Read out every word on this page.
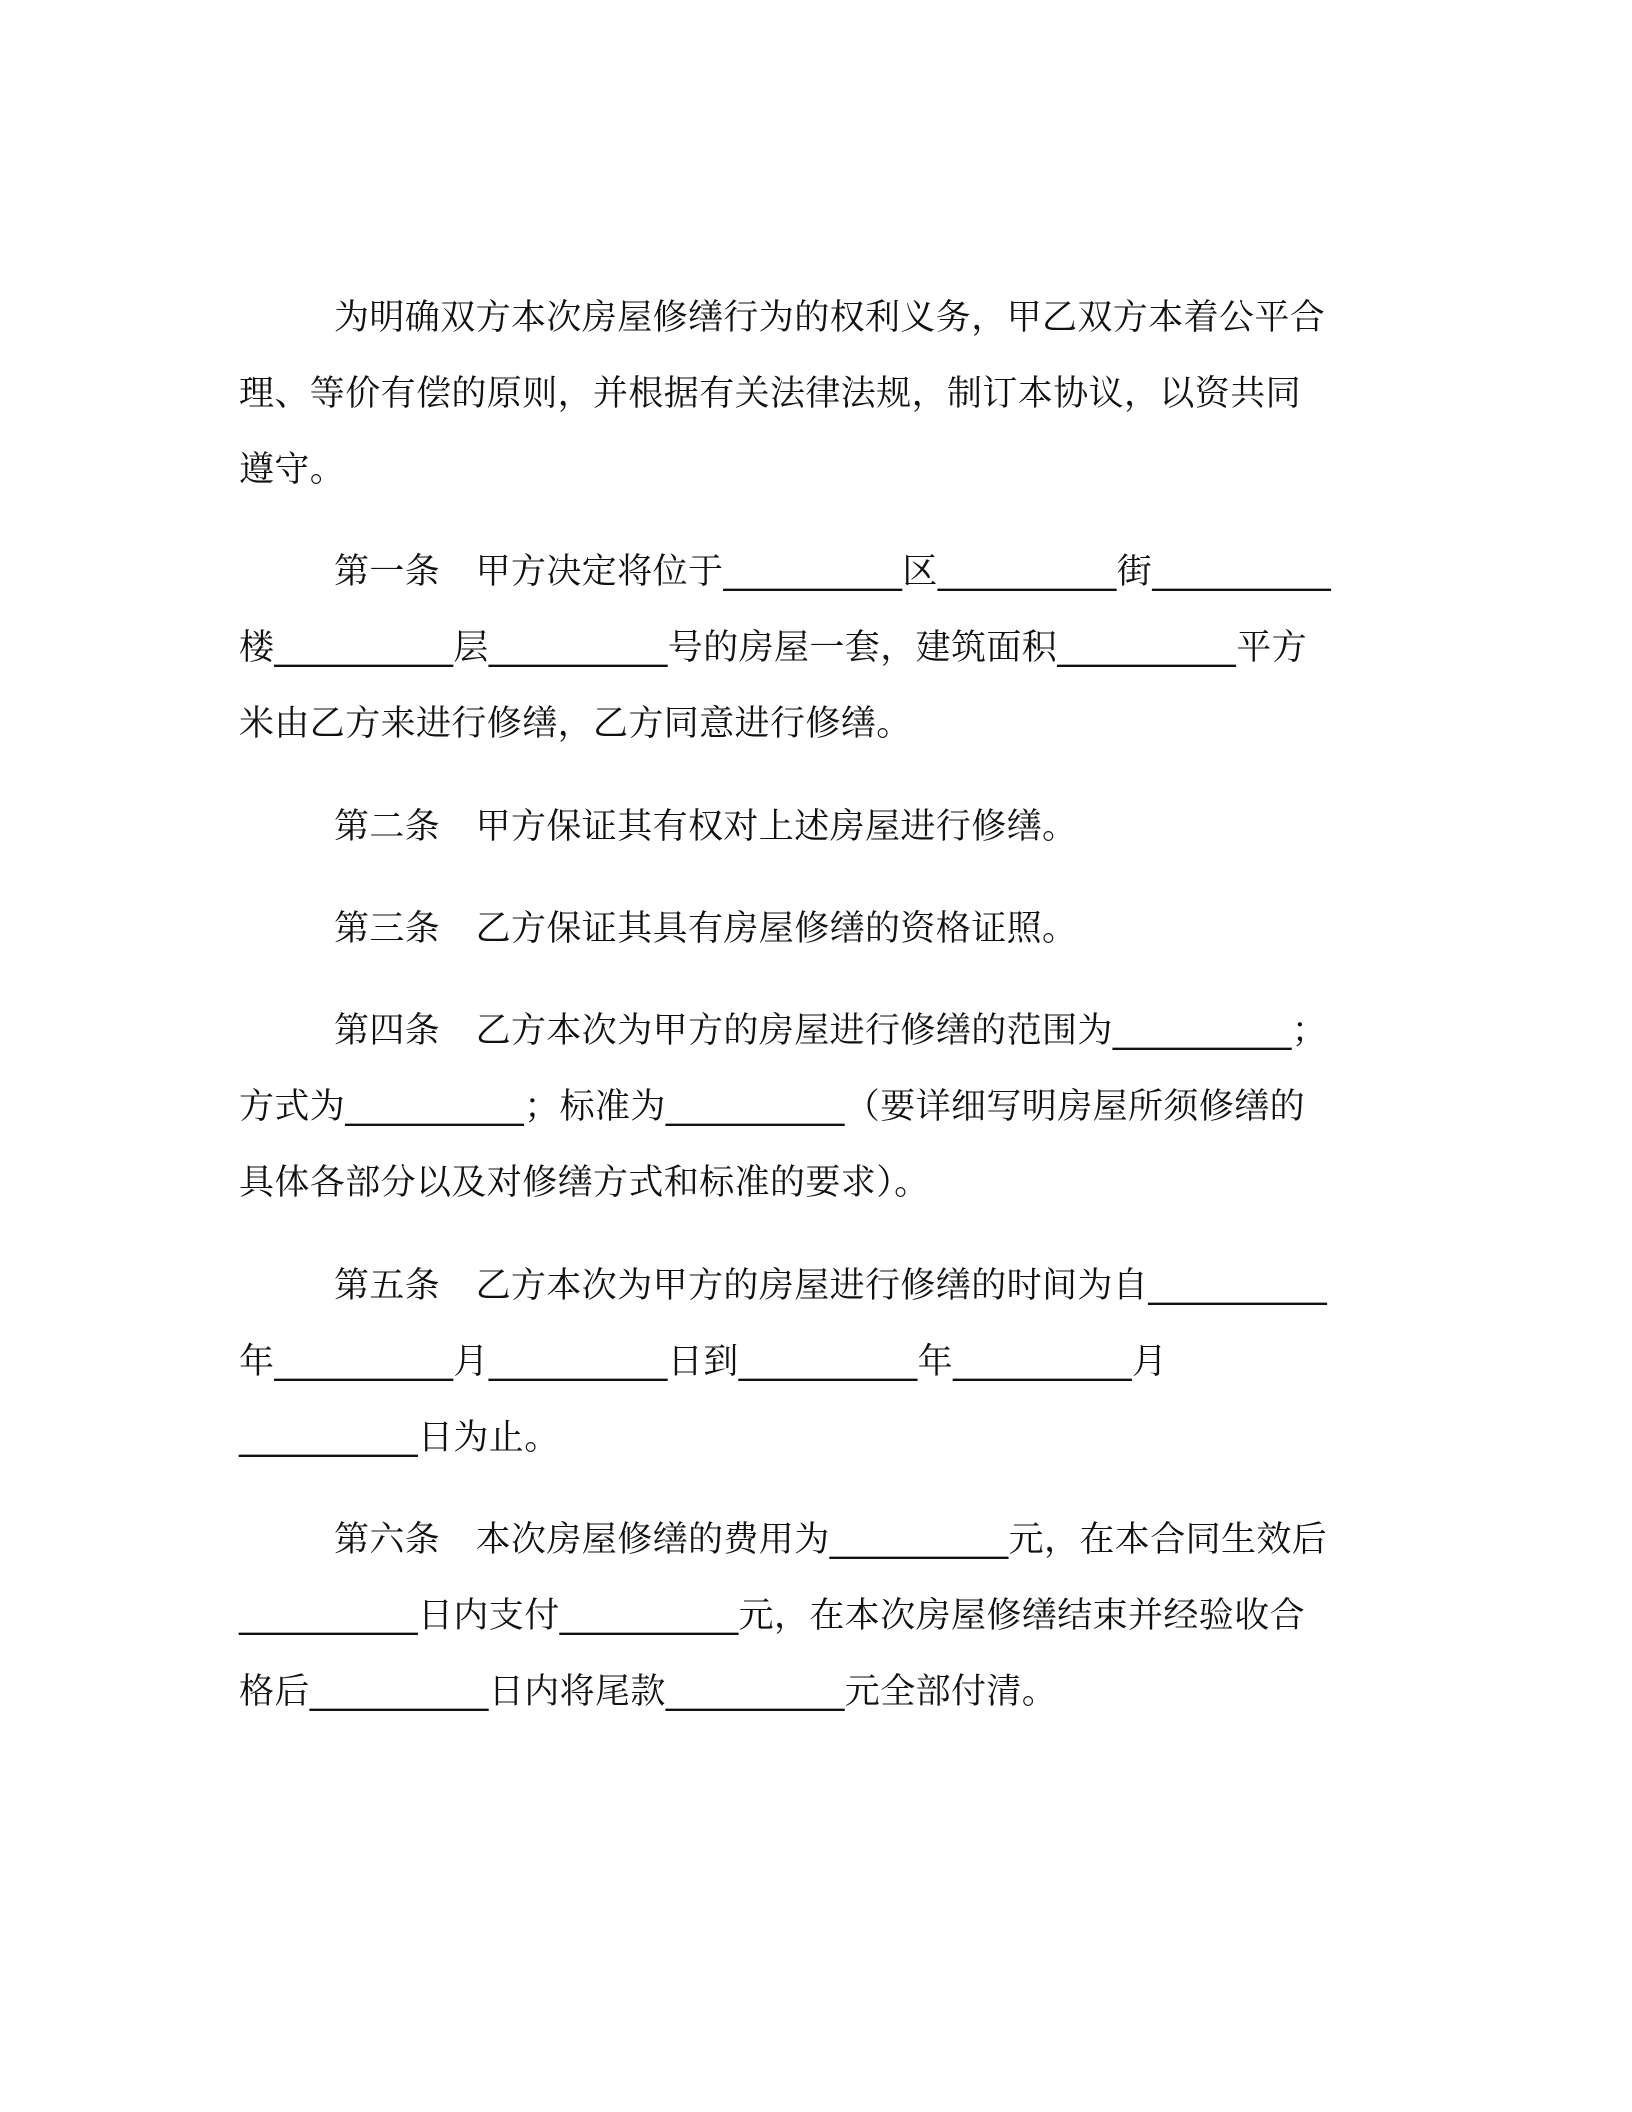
为明确双方本次房屋修缮行为的权利义务，甲乙双方本着公平合
理、等价有偿的原则，并根据有关法律法规，制订本协议，以资共同
遵守。
第一条　甲方决定将位于__________区__________街__________
楼__________层__________号的房屋一套，建筑面积__________平方
米由乙方来进行修缮，乙方同意进行修缮。
第二条　甲方保证其有权对上述房屋进行修缮。
第三条　乙方保证其具有房屋修缮的资格证照。
第四条　乙方本次为甲方的房屋进行修缮的范围为__________；
方式为__________；标准为__________（要详细写明房屋所须修缮的
具体各部分以及对修缮方式和标准的要求）。
第五条　乙方本次为甲方的房屋进行修缮的时间为自__________
年__________月__________日到__________年__________月
__________日为止。
第六条　本次房屋修缮的费用为__________元，在本合同生效后
__________日内支付__________元，在本次房屋修缮结束并经验收合
格后__________日内将尾款__________元全部付清。
